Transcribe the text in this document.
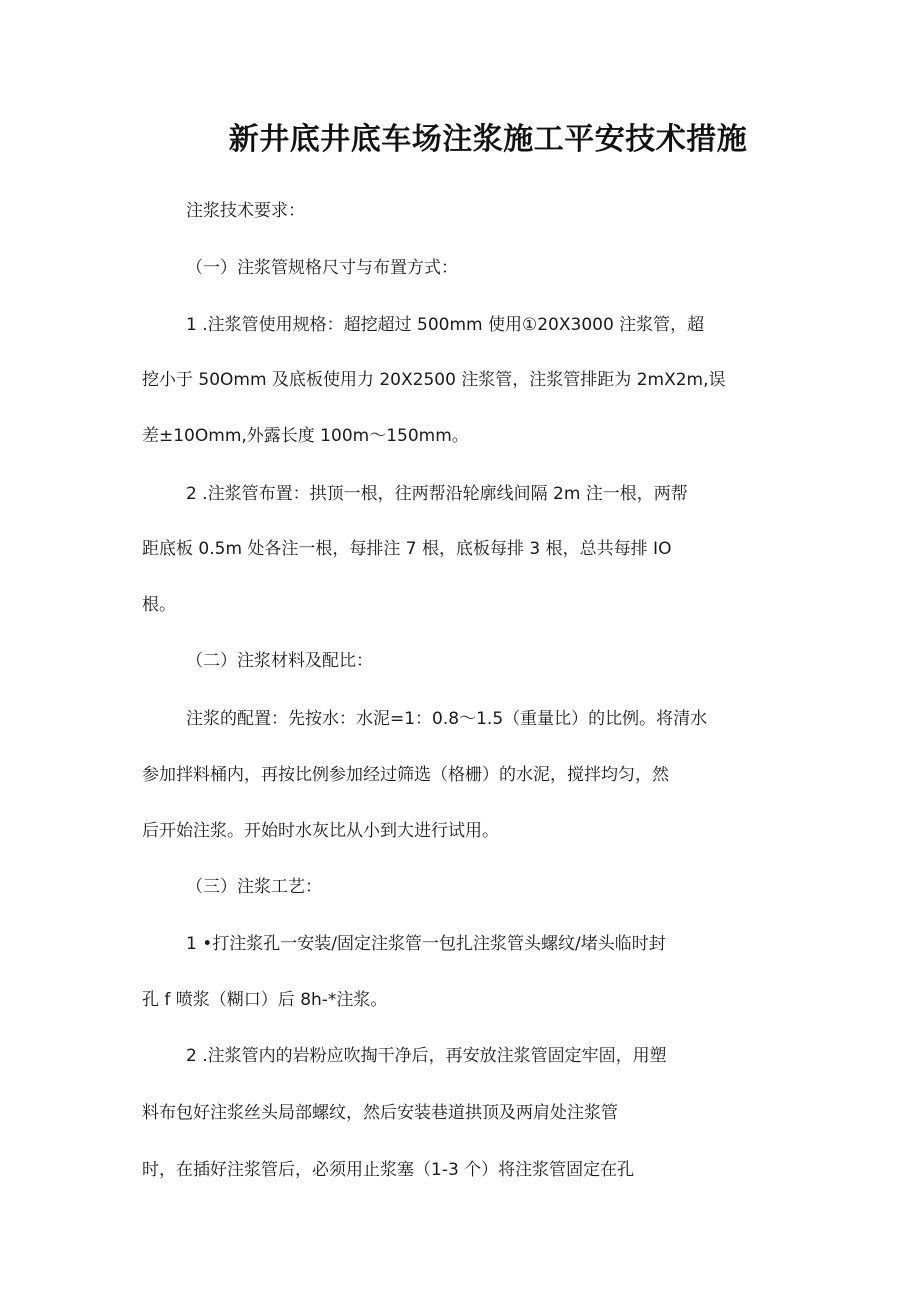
新井底井底车场注浆施工平安技术措施
注浆技术要求：
（一）注浆管规格尺寸与布置方式：
1 .注浆管使用规格：超挖超过 500mm 使用①20X3000 注浆管，超
挖小于 50Omm 及底板使用力 20X2500 注浆管，注浆管排距为 2mX2m,误
差±10Omm,外露长度 100m〜150mm。
2 .注浆管布置：拱顶一根，往两帮沿轮廓线间隔 2m 注一根，两帮
距底板 0.5m 处各注一根，每排注 7 根，底板每排 3 根，总共每排 IO
根。
（二）注浆材料及配比：
注浆的配置：先按水：水泥=1：0.8〜1.5（重量比）的比例。将清水
参加拌料桶内，再按比例参加经过筛选（格栅）的水泥，搅拌均匀，然
后开始注浆。开始时水灰比从小到大进行试用。
（三）注浆工艺：
1 •打注浆孔一安装/固定注浆管一包扎注浆管头螺纹/堵头临时封
孔 f 喷浆（糊口）后 8h-*注浆。
2 .注浆管内的岩粉应吹掏干净后，再安放注浆管固定牢固，用塑
料布包好注浆丝头局部螺纹，然后安装巷道拱顶及两肩处注浆管
时，在插好注浆管后，必须用止浆塞（1-3 个）将注浆管固定在孔
